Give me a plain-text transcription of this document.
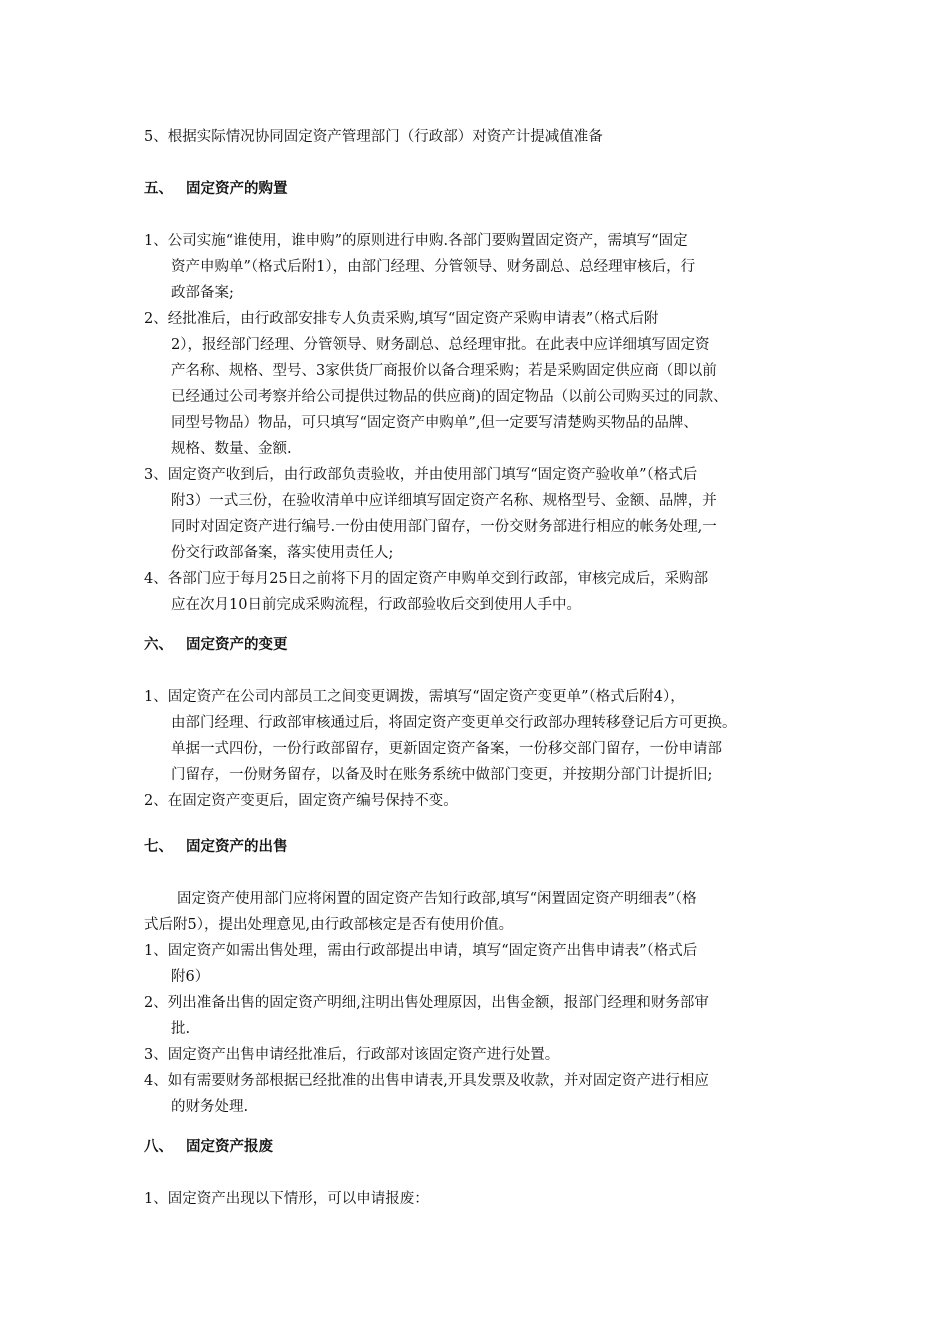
5、根据实际情况协同固定资产管理部门（行政部）对资产计提减值准备
五、 固定资产的购置
1、公司实施“谁使用，谁申购”的原则进行申购.各部门要购置固定资产，需填写“固定
资产申购单”（格式后附1），由部门经理、分管领导、财务副总、总经理审核后，行
政部备案;
2、经批准后，由行政部安排专人负责采购,填写“固定资产采购申请表”（格式后附
2），报经部门经理、分管领导、财务副总、总经理审批。在此表中应详细填写固定资
产名称、规格、型号、3家供货厂商报价以备合理采购；若是采购固定供应商（即以前
已经通过公司考察并给公司提供过物品的供应商)的固定物品（以前公司购买过的同款、
同型号物品）物品，可只填写“固定资产申购单”,但一定要写清楚购买物品的品牌、
规格、数量、金额.
3、固定资产收到后，由行政部负责验收，并由使用部门填写“固定资产验收单”（格式后
附3）一式三份，在验收清单中应详细填写固定资产名称、规格型号、金额、品牌，并
同时对固定资产进行编号.一份由使用部门留存，一份交财务部进行相应的帐务处理,一
份交行政部备案，落实使用责任人;
4、各部门应于每月25日之前将下月的固定资产申购单交到行政部，审核完成后，采购部
应在次月10日前完成采购流程，行政部验收后交到使用人手中。
六、 固定资产的变更
1、固定资产在公司内部员工之间变更调拨，需填写“固定资产变更单”（格式后附4），
由部门经理、行政部审核通过后，将固定资产变更单交行政部办理转移登记后方可更换。
单据一式四份，一份行政部留存，更新固定资产备案，一份移交部门留存，一份申请部
门留存，一份财务留存，以备及时在账务系统中做部门变更，并按期分部门计提折旧;
2、在固定资产变更后，固定资产编号保持不变。
七、 固定资产的出售
固定资产使用部门应将闲置的固定资产告知行政部,填写“闲置固定资产明细表”（格
式后附5），提出处理意见,由行政部核定是否有使用价值。
1、固定资产如需出售处理，需由行政部提出申请，填写“固定资产出售申请表”（格式后
附6）
2、列出准备出售的固定资产明细,注明出售处理原因，出售金额，报部门经理和财务部审
批.
3、固定资产出售申请经批准后，行政部对该固定资产进行处置。
4、如有需要财务部根据已经批准的出售申请表,开具发票及收款，并对固定资产进行相应
的财务处理.
八、 固定资产报废
1、固定资产出现以下情形，可以申请报废：
